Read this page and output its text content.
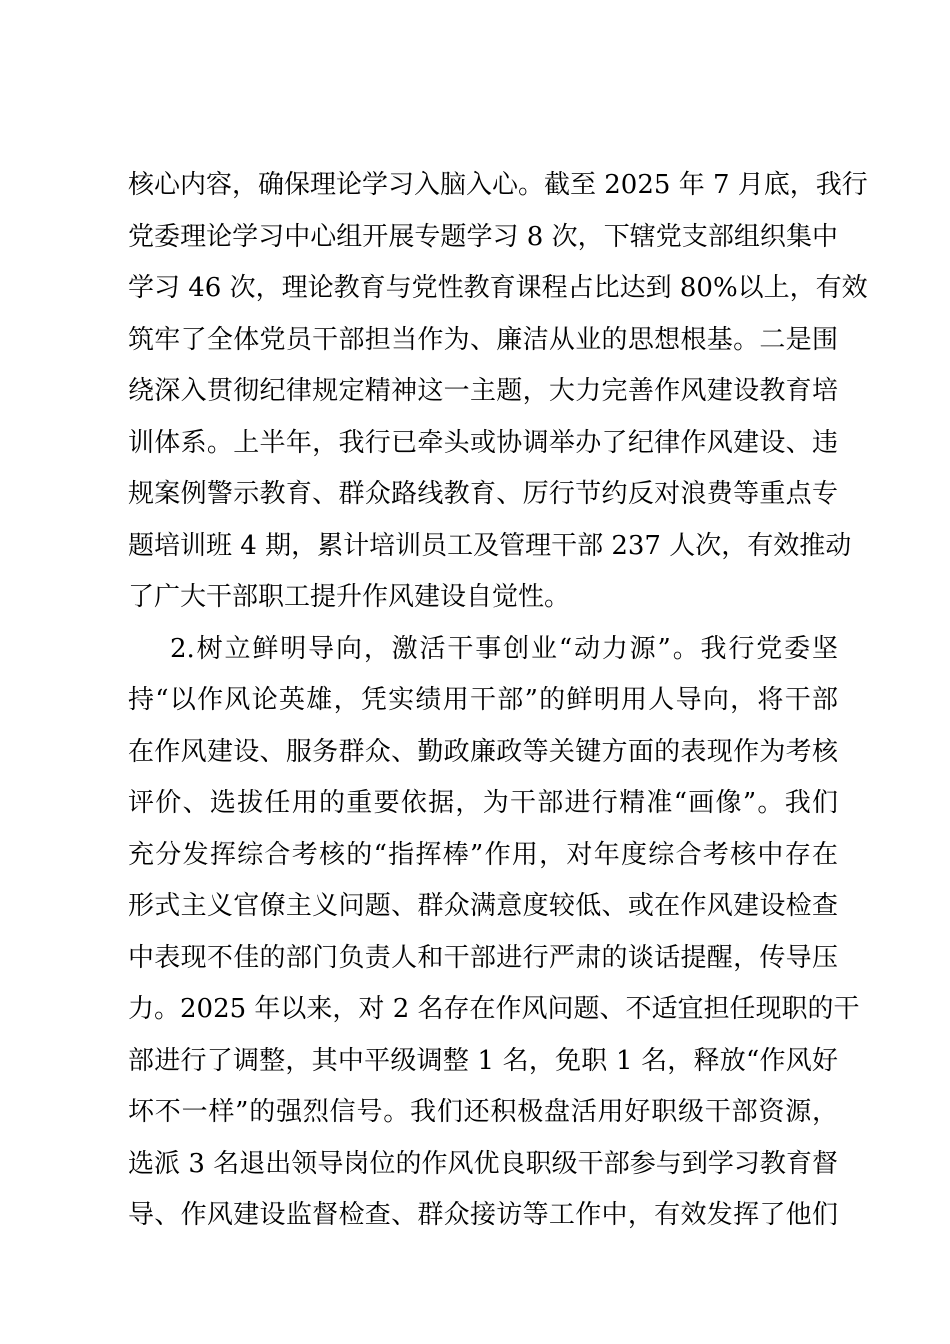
核心内容，确保理论学习入脑入心。截至 2025 年 7 月底，我行
党委理论学习中心组开展专题学习 8 次，下辖党支部组织集中
学习 46 次，理论教育与党性教育课程占比达到 80%以上，有效
筑牢了全体党员干部担当作为、廉洁从业的思想根基。二是围
绕深入贯彻纪律规定精神这一主题，大力完善作风建设教育培
训体系。上半年，我行已牵头或协调举办了纪律作风建设、违
规案例警示教育、群众路线教育、厉行节约反对浪费等重点专
题培训班 4 期，累计培训员工及管理干部 237 人次，有效推动
了广大干部职工提升作风建设自觉性。
2.树立鲜明导向，激活干事创业“动力源”。我行党委坚
持“以作风论英雄，凭实绩用干部”的鲜明用人导向，将干部
在作风建设、服务群众、勤政廉政等关键方面的表现作为考核
评价、选拔任用的重要依据，为干部进行精准“画像”。我们
充分发挥综合考核的“指挥棒”作用，对年度综合考核中存在
形式主义官僚主义问题、群众满意度较低、或在作风建设检查
中表现不佳的部门负责人和干部进行严肃的谈话提醒，传导压
力。2025 年以来，对 2 名存在作风问题、不适宜担任现职的干
部进行了调整，其中平级调整 1 名，免职 1 名，释放“作风好
坏不一样”的强烈信号。我们还积极盘活用好职级干部资源，
选派 3 名退出领导岗位的作风优良职级干部参与到学习教育督
导、作风建设监督检查、群众接访等工作中，有效发挥了他们
